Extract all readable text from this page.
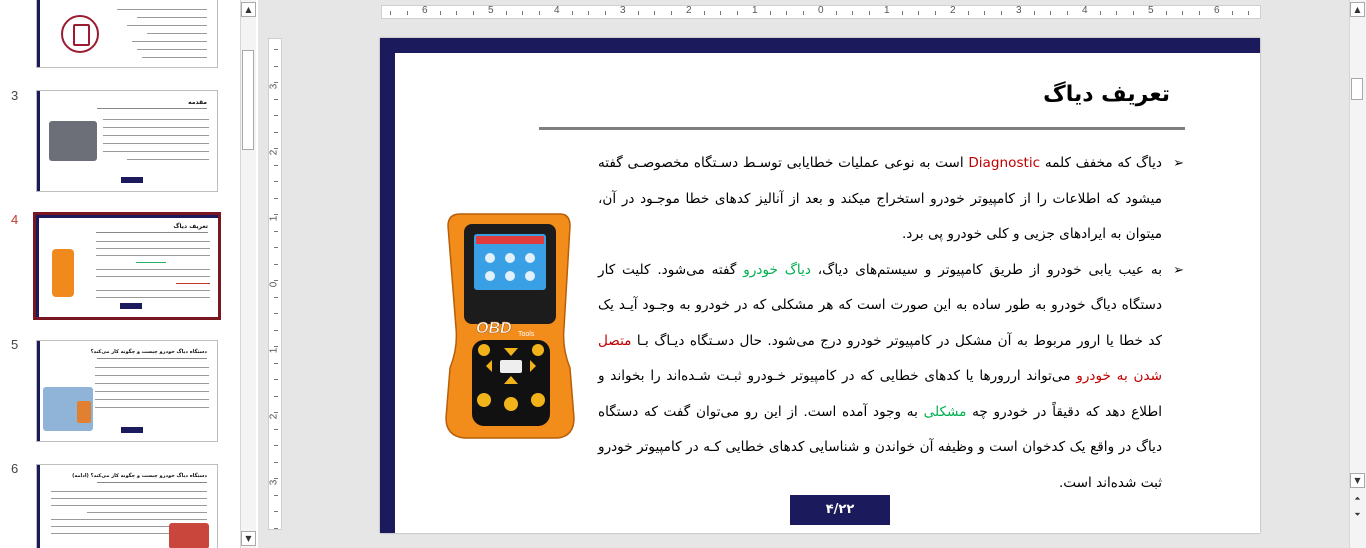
3	مقدمه
4	تعریف دیاگ
5	دستگاه دیاگ خودرو چیست و چگونه کار می‌کند؟
6	دستگاه دیاگ خودرو چیست و چگونه کار می‌کند؟ (ادامه)
▲
▼
6	5	4	3	2	1	0	1	2	3	4	5	6
3
2
1
0
1
2
3
تعریف دیاگ
OBD Tools

➢
دیاگ که مخفف کلمه Diagnostic است به نوعی عملیات خطایابی توسـط دسـتگاه مخصوصـی گفته میشود که اطلاعات را از کامپیوتر خودرو استخراج میکند و بعد از آنالیز کدهای خطا موجـود در آن، میتوان به ایرادهای جزیی و کلی خودرو پی برد.

➢
به عیب یابی خودرو از طریق کامپیوتر و سیستم‌های دیاگ، دیاگ خودرو گفته می‌شود. کلیت کار دستگاه دیاگ خودرو به طور ساده به این صورت است که هر مشکلی که در خودرو به وجـود آیـد یک کد خطا یا ارور مربوط به آن مشکل در کامپیوتر خودرو درج می‌شود. حال دسـتگاه دیـاگ بـا متصل شدن به خودرو می‌تواند اررورها یا کدهای خطایی که در کامپیوتر خـودرو ثبـت شـده‌اند را بخواند و اطلاع دهد که دقیقاً در خودرو چه مشکلی به وجود آمده است. از این رو می‌توان گفت که دستگاه دیاگ در واقع یک کدخوان است و وظیفه آن خواندن و شناسایی کدهای خطایی کـه در کامپیوتر خودرو ثبت شده‌اند است.

۴/۲۲
▲
▼
⏶
⏷
